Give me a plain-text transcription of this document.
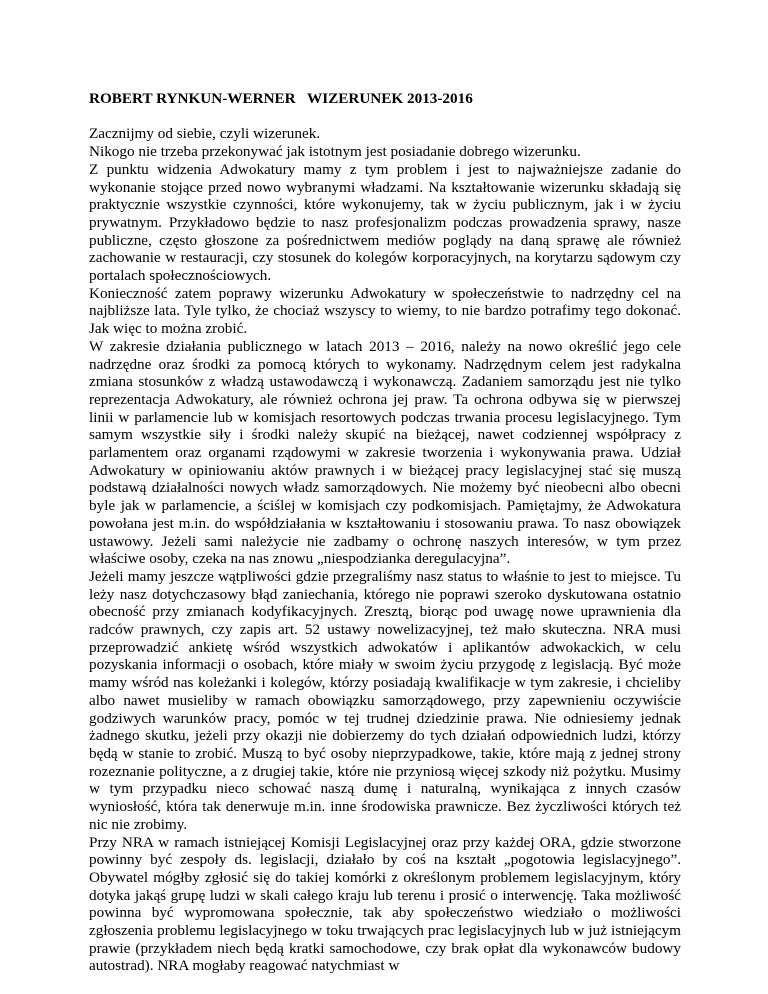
ROBERT RYNKUN-WERNER WIZERUNEK 2013-2016

Zacznijmy od siebie, czyli wizerunek.

Nikogo nie trzeba przekonywać jak istotnym jest posiadanie dobrego wizerunku.

Z punktu widzenia Adwokatury mamy z tym problem i jest to najważniejsze zadanie do wykonanie stojące przed nowo wybranymi władzami. Na kształtowanie wizerunku składają się praktycznie wszystkie czynności, które wykonujemy, tak w życiu publicznym, jak i w życiu prywatnym. Przykładowo będzie to nasz profesjonalizm podczas prowadzenia sprawy, nasze publiczne, często głoszone za pośrednictwem mediów poglądy na daną sprawę ale również zachowanie w restauracji, czy stosunek do kolegów korporacyjnych, na korytarzu sądowym czy portalach społecznościowych.

Konieczność zatem poprawy wizerunku Adwokatury w społeczeństwie to nadrzędny cel na najbliższe lata. Tyle tylko, że chociaż wszyscy to wiemy, to nie bardzo potrafimy tego dokonać. Jak więc to można zrobić.

W zakresie działania publicznego w latach 2013 – 2016, należy na nowo określić jego cele nadrzędne oraz środki za pomocą których to wykonamy. Nadrzędnym celem jest radykalna zmiana stosunków z władzą ustawodawczą i wykonawczą. Zadaniem samorządu jest nie tylko reprezentacja Adwokatury, ale również ochrona jej praw. Ta ochrona odbywa się w pierwszej linii w parlamencie lub w komisjach resortowych podczas trwania procesu legislacyjnego. Tym samym wszystkie siły i środki należy skupić na bieżącej, nawet codziennej współpracy z parlamentem oraz organami rządowymi w zakresie tworzenia i wykonywania prawa. Udział Adwokatury w opiniowaniu aktów prawnych i w bieżącej pracy legislacyjnej stać się muszą podstawą działalności nowych władz samorządowych. Nie możemy być nieobecni albo obecni byle jak w parlamencie, a ściślej w komisjach czy podkomisjach. Pamiętajmy, że Adwokatura powołana jest m.in. do współdziałania w kształtowaniu i stosowaniu prawa. To nasz obowiązek ustawowy. Jeżeli sami należycie nie zadbamy o ochronę naszych interesów, w tym przez właściwe osoby, czeka na nas znowu „niespodzianka deregulacyjna”.

Jeżeli mamy jeszcze wątpliwości gdzie przegraliśmy nasz status to właśnie to jest to miejsce. Tu leży nasz dotychczasowy błąd zaniechania, którego nie poprawi szeroko dyskutowana ostatnio obecność przy zmianach kodyfikacyjnych. Zresztą, biorąc pod uwagę nowe uprawnienia dla radców prawnych, czy zapis art. 52 ustawy nowelizacyjnej, też mało skuteczna. NRA musi przeprowadzić ankietę wśród wszystkich adwokatów i aplikantów adwokackich, w celu pozyskania informacji o osobach, które miały w swoim życiu przygodę z legislacją. Być może mamy wśród nas koleżanki i kolegów, którzy posiadają kwalifikacje w tym zakresie, i chcieliby albo nawet musieliby w ramach obowiązku samorządowego, przy zapewnieniu oczywiście godziwych warunków pracy, pomóc w tej trudnej dziedzinie prawa. Nie odniesiemy jednak żadnego skutku, jeżeli przy okazji nie dobierzemy do tych działań odpowiednich ludzi, którzy będą w stanie to zrobić. Muszą to być osoby nieprzypadkowe, takie, które mają z jednej strony rozeznanie polityczne, a z drugiej takie, które nie przyniosą więcej szkody niż pożytku. Musimy w tym przypadku nieco schować naszą dumę i naturalną, wynikająca z innych czasów wyniosłość, która tak denerwuje m.in. inne środowiska prawnicze. Bez życzliwości których też nic nie zrobimy.

Przy NRA w ramach istniejącej Komisji Legislacyjnej oraz przy każdej ORA, gdzie stworzone powinny być zespoły ds. legislacji, działało by coś na kształt „pogotowia legislacyjnego”. Obywatel mógłby zgłosić się do takiej komórki z określonym problemem legislacyjnym, który dotyka jakąś grupę ludzi w skali całego kraju lub terenu i prosić o interwencję. Taka możliwość powinna być wypromowana społecznie, tak aby społeczeństwo wiedziało o możliwości zgłoszenia problemu legislacyjnego w toku trwających prac legislacyjnych lub w już istniejącym prawie (przykładem niech będą kratki samochodowe, czy brak opłat dla wykonawców budowy autostrad). NRA mogłaby reagować natychmiast w
